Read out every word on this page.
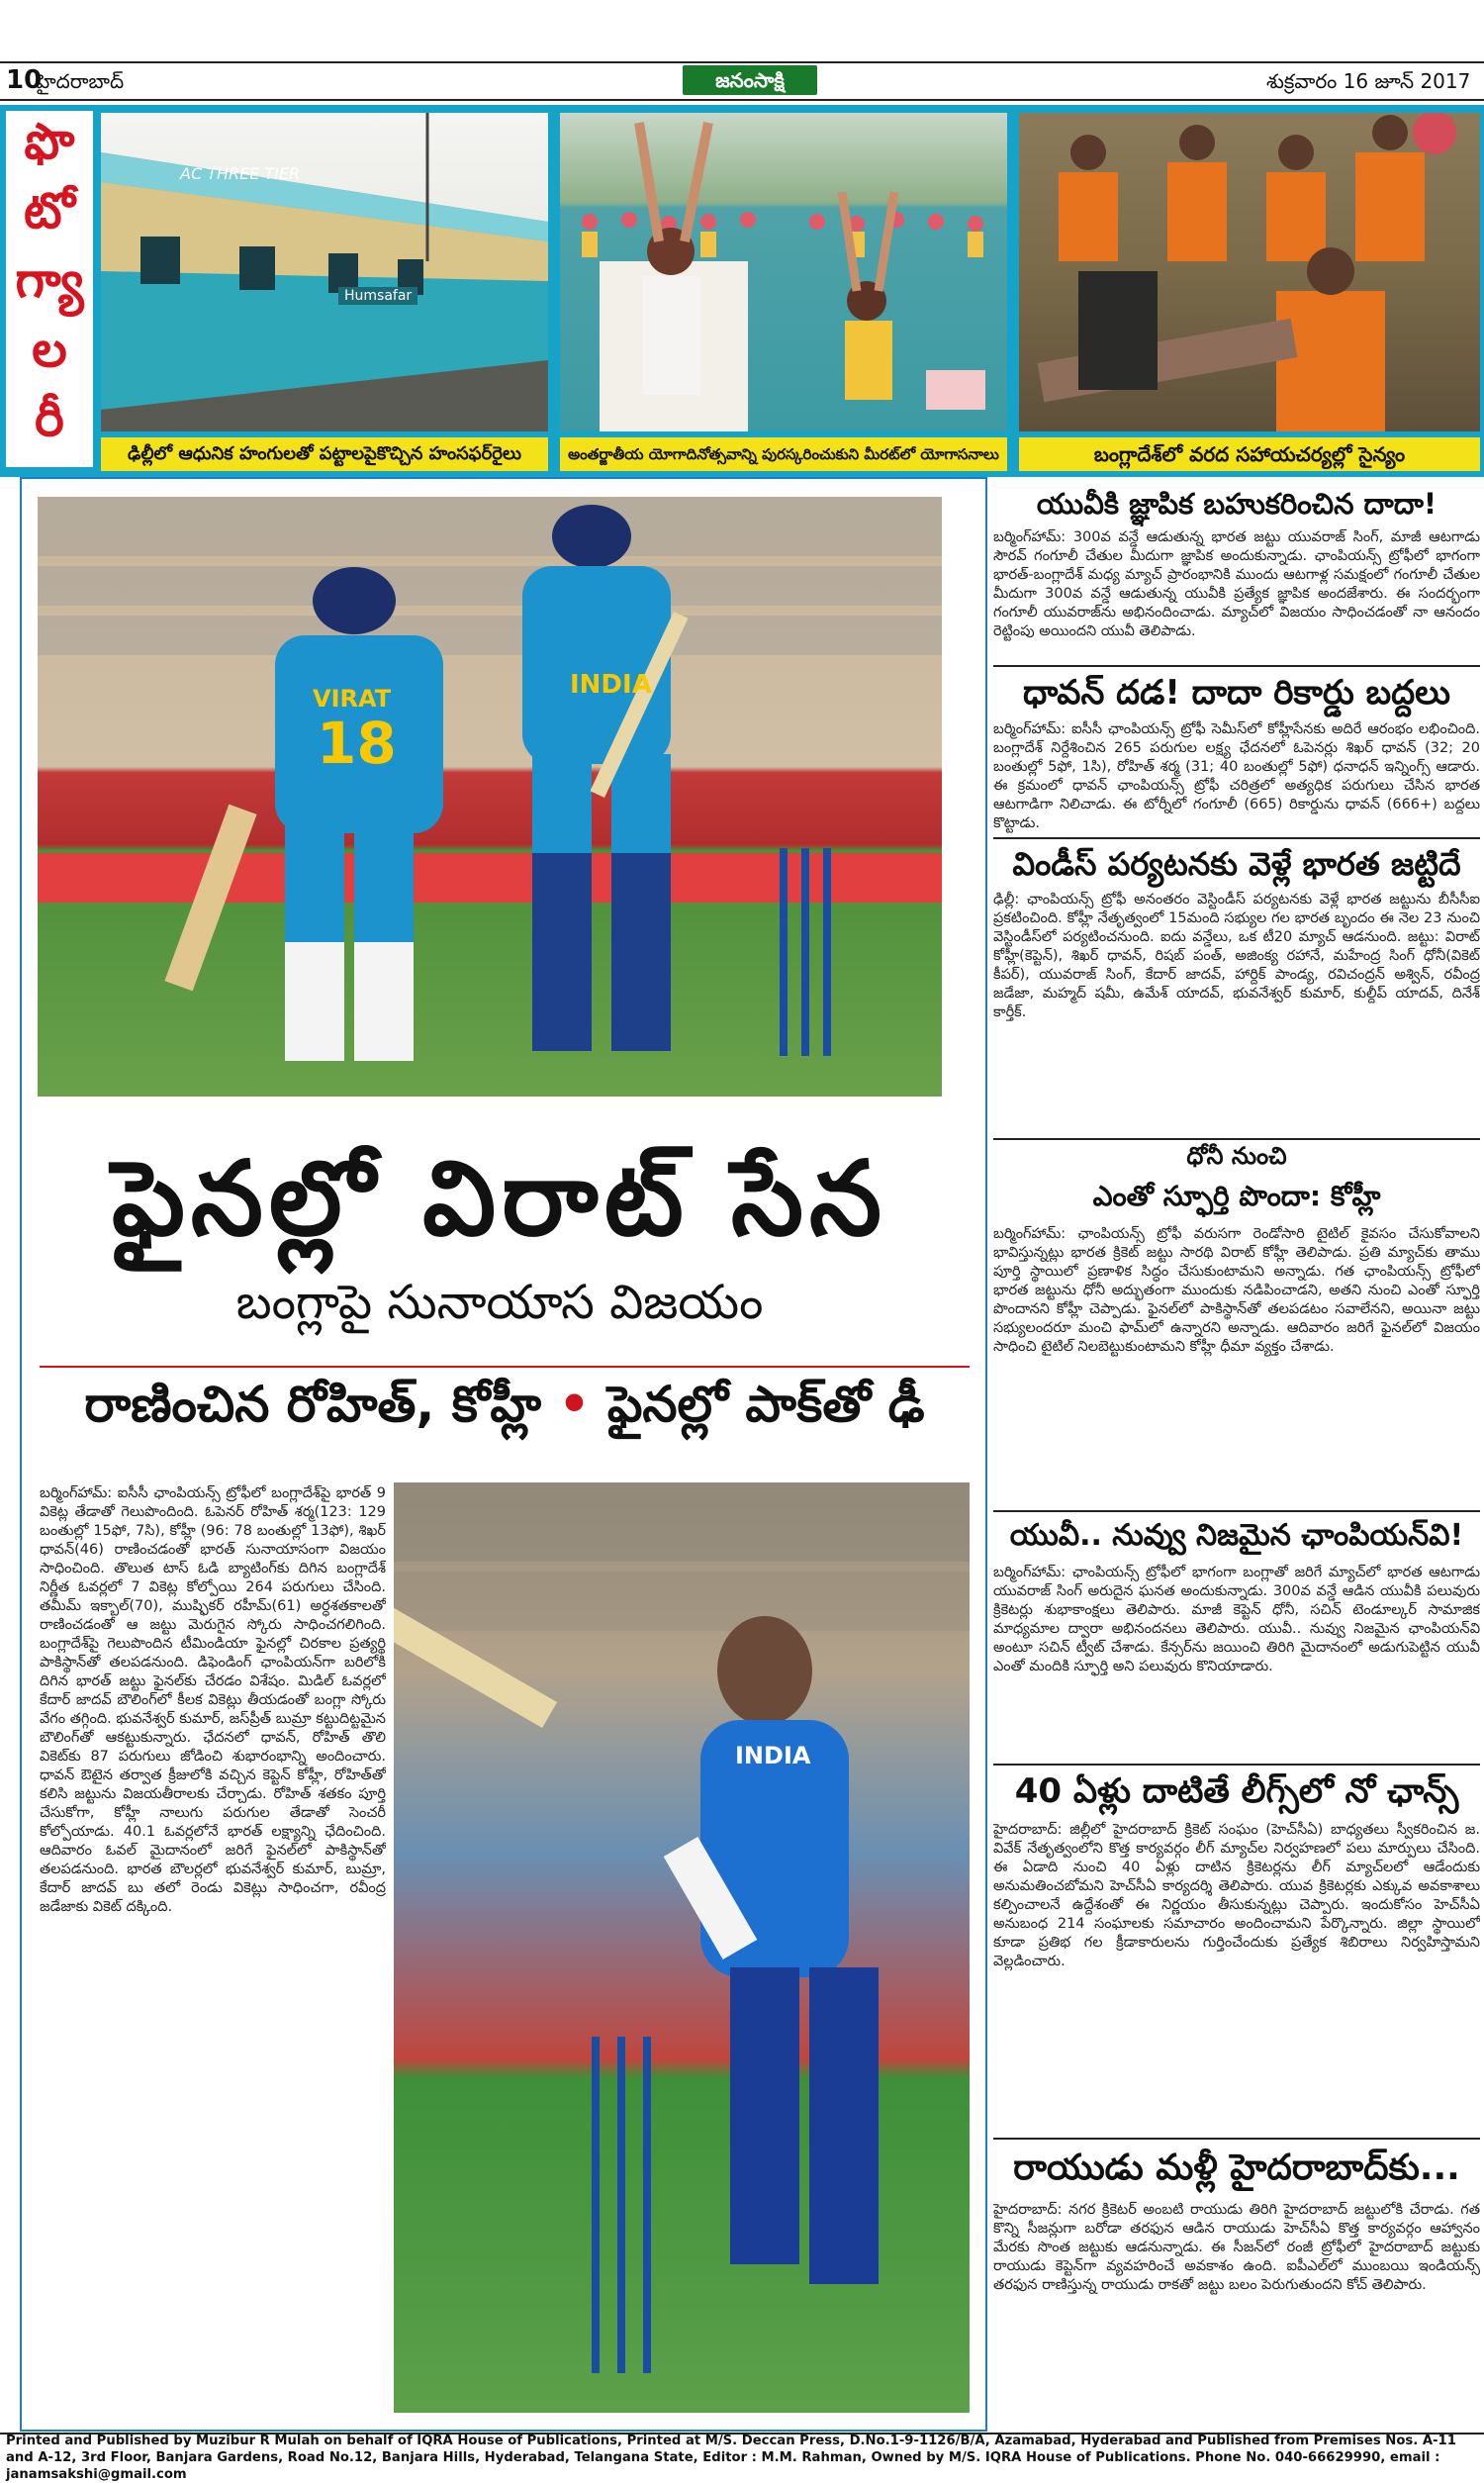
10
హైదరాబాద్	జనంసాక్షి	శుక్రవారం 16 జూన్ 2017
ఫొ
టో
గ్యా
ల
రీ
AC THREE TIER
Humsafar
ఢిల్లీలో ఆధునిక హంగులతో పట్టాలపైకొచ్చిన హంసఫర్‌రైలు	అంతర్జాతీయ యోగాదినోత్సవాన్ని పురస్కరించుకుని మీరట్‌లో యోగాసనాలు	బంగ్లాదేశ్‌లో వరద సహాయచర్యల్లో సైన్యం
VIRAT
18
INDIA
ఫైనల్లో విరాట్ సేన
బంగ్లాపై సునాయాస విజయం
రాణించిన రోహిత్, కోహ్లీ • ఫైనల్లో పాక్‌తో ఢీ
బర్మింగ్‌హామ్: ఐసీసీ ఛాంపియన్స్ ట్రోఫీలో బంగ్లాదేశ్‌పై భారత్ 9 వికెట్ల తేడాతో గెలుపొందింది. ఓపెనర్ రోహిత్ శర్మ(123: 129 బంతుల్లో 15ఫో, 7సి), కోహ్లీ (96: 78 బంతుల్లో 13ఫో), శిఖర్ ధావన్(46) రాణించడంతో భారత్ సునాయాసంగా విజయం సాధించింది. తొలుత టాస్ ఓడి బ్యాటింగ్‌కు దిగిన బంగ్లాదేశ్ నిర్ణీత ఓవర్లలో 7 వికెట్ల కోల్పోయి 264 పరుగులు చేసింది. తమీమ్ ఇక్బాల్(70), ముష్ఫికర్ రహీమ్(61) అర్ధశతకాలతో రాణించడంతో ఆ జట్టు మెరుగైన స్కోరు సాధించగలిగింది. బంగ్లాదేశ్‌పై గెలుపొందిన టీమిండియా ఫైనల్లో చిరకాల ప్రత్యర్థి పాకిస్థాన్‌తో తలపడనుంది. డిఫెండింగ్ ఛాంపియన్‌గా బరిలోకి దిగిన భారత్ జట్టు ఫైనల్‌కు చేరడం విశేషం. మిడిల్ ఓవర్లలో కేదార్ జాదవ్ బౌలింగ్‌లో కీలక వికెట్లు తీయడంతో బంగ్లా స్కోరు వేగం తగ్గింది. భువనేశ్వర్ కుమార్, జస్‌ప్రీత్ బుమ్రా కట్టుదిట్టమైన బౌలింగ్‌తో ఆకట్టుకున్నారు. ఛేదనలో ధావన్, రోహిత్ తొలి వికెట్‌కు 87 పరుగులు జోడించి శుభారంభాన్ని అందించారు. ధావన్ ఔటైన తర్వాత క్రీజులోకి వచ్చిన కెప్టెన్ కోహ్లీ, రోహిత్‌తో కలిసి జట్టును విజయతీరాలకు చేర్చాడు. రోహిత్ శతకం పూర్తి చేసుకోగా, కోహ్లీ నాలుగు పరుగుల తేడాతో సెంచరీ కోల్పోయాడు. 40.1 ఓవర్లలోనే భారత్ లక్ష్యాన్ని ఛేదించింది. ఆదివారం ఓవల్ మైదానంలో జరిగే ఫైనల్‌లో పాకిస్థాన్‌తో తలపడనుంది. భారత బౌలర్లలో భువనేశ్వర్ కుమార్, బుమ్రా, కేదార్ జాదవ్ బు తలో రెండు వికెట్లు సాధించగా, రవీంద్ర జడేజాకు వికెట్ దక్కింది.
INDIA
యువీకి జ్ఞాపిక బహుకరించిన దాదా!
బర్మింగ్‌హామ్: 300వ వన్డే ఆడుతున్న భారత జట్టు యువరాజ్ సింగ్, మాజీ ఆటగాడు సౌరవ్ గంగూలీ చేతుల మీదుగా జ్ఞాపిక అందుకున్నాడు. ఛాంపియన్స్ ట్రోఫీలో భాగంగా భారత్-బంగ్లాదేశ్ మధ్య మ్యాచ్ ప్రారంభానికి ముందు ఆటగాళ్ల సమక్షంలో గంగూలీ చేతుల మీదుగా 300వ వన్డే ఆడుతున్న యువీకి ప్రత్యేక జ్ఞాపిక అందజేశారు. ఈ సందర్భంగా గంగూలీ యువరాజ్‌ను అభినందించాడు. మ్యాచ్‌లో విజయం సాధించడంతో నా ఆనందం రెట్టింపు అయిందని యువీ తెలిపాడు.
ధావన్ దడ! దాదా రికార్డు బద్దలు
బర్మింగ్‌హామ్: ఐసీసీ ఛాంపియన్స్ ట్రోఫీ సెమీస్‌లో కోహ్లీసేనకు అదిరే ఆరంభం లభించింది. బంగ్లాదేశ్ నిర్దేశించిన 265 పరుగుల లక్ష్య ఛేదనలో ఓపెనర్లు శిఖర్ ధావన్ (32; 20 బంతుల్లో 5ఫో, 1సి), రోహిత్ శర్మ (31; 40 బంతుల్లో 5ఫో) ధనాధన్ ఇన్నింగ్స్ ఆడారు. ఈ క్రమంలో ధావన్ ఛాంపియన్స్ ట్రోఫీ చరిత్రలో అత్యధిక పరుగులు చేసిన భారత ఆటగాడిగా నిలిచాడు. ఈ టోర్నీలో గంగూలీ (665) రికార్డును ధావన్ (666+) బద్దలు కొట్టాడు.
విండీస్ పర్యటనకు వెళ్లే భారత జట్టిదే
ఢిల్లీ: ఛాంపియన్స్ ట్రోఫీ అనంతరం వెస్టిండీస్ పర్యటనకు వెళ్లే భారత జట్టును బీసీసీఐ ప్రకటించింది. కోహ్లీ నేతృత్వంలో 15మంది సభ్యుల గల భారత బృందం ఈ నెల 23 నుంచి వెస్టిండీస్‌లో పర్యటించనుంది. ఐదు వన్డేలు, ఒక టీ20 మ్యాచ్ ఆడనుంది. జట్టు: విరాట్ కోహ్లీ(కెప్టెన్), శిఖర్ ధావన్, రిషబ్ పంత్, అజింక్య రహానే, మహేంద్ర సింగ్ ధోనీ(వికెట్ కీపర్), యువరాజ్ సింగ్, కేదార్ జాదవ్, హార్దిక్ పాండ్య, రవిచంద్రన్ అశ్విన్, రవీంద్ర జడేజా, మహ్మద్ షమీ, ఉమేశ్ యాదవ్, భువనేశ్వర్ కుమార్, కుల్దీప్ యాదవ్, దినేశ్ కార్తీక్.
ధోనీ నుంచి
ఎంతో స్ఫూర్తి పొందా: కోహ్లీ
బర్మింగ్‌హామ్: ఛాంపియన్స్ ట్రోఫీ వరుసగా రెండోసారి టైటిల్ కైవసం చేసుకోవాలని భావిస్తున్నట్లు భారత క్రికెట్ జట్టు సారథి విరాట్ కోహ్లీ తెలిపాడు. ప్రతి మ్యాచ్‌కు తాము పూర్తి స్థాయిలో ప్రణాళిక సిద్ధం చేసుకుంటామని అన్నాడు. గత ఛాంపియన్స్ ట్రోఫీలో భారత జట్టును ధోనీ అద్భుతంగా ముందుకు నడిపించాడని, అతని నుంచి ఎంతో స్ఫూర్తి పొందానని కోహ్లీ చెప్పాడు. ఫైనల్‌లో పాకిస్థాన్‌తో తలపడటం సవాలేనని, అయినా జట్టు సభ్యులందరూ మంచి ఫామ్‌లో ఉన్నారని అన్నాడు. ఆదివారం జరిగే ఫైనల్‌లో విజయం సాధించి టైటిల్ నిలబెట్టుకుంటామని కోహ్లీ ధీమా వ్యక్తం చేశాడు.
యువీ.. నువ్వు నిజమైన ఛాంపియన్‌వి!
బర్మింగ్‌హామ్: ఛాంపియన్స్ ట్రోఫీలో భాగంగా బంగ్లాతో జరిగే మ్యాచ్‌లో భారత ఆటగాడు యువరాజ్ సింగ్ అరుదైన ఘనత అందుకున్నాడు. 300వ వన్డే ఆడిన యువీకి పలువురు క్రికెటర్లు శుభాకాంక్షలు తెలిపారు. మాజీ కెప్టెన్ ధోనీ, సచిన్ టెండూల్కర్ సామాజిక మాధ్యమాల ద్వారా అభినందనలు తెలిపారు. యువీ.. నువ్వు నిజమైన ఛాంపియన్‌వి అంటూ సచిన్ ట్వీట్ చేశాడు. కేన్సర్‌ను జయించి తిరిగి మైదానంలో అడుగుపెట్టిన యువీ ఎంతో మందికి స్ఫూర్తి అని పలువురు కొనియాడారు.
40 ఏళ్లు దాటితే లీగ్స్‌లో నో ఛాన్స్
హైదరాబాద్: జిల్లీలో హైదరాబాద్ క్రికెట్ సంఘం (హెచ్‌సీఏ) బాధ్యతలు స్వీకరించిన జ. వివేక్ నేతృత్వంలోని కొత్త కార్యవర్గం లీగ్ మ్యాచ్‌ల నిర్వహణలో పలు మార్పులు చేసింది. ఈ ఏడాది నుంచి 40 ఏళ్లు దాటిన క్రికెటర్లను లీగ్ మ్యాచ్‌లలో ఆడేందుకు అనుమతించబోమని హెచ్‌సీఏ కార్యదర్శి తెలిపారు. యువ క్రికెటర్లకు ఎక్కువ అవకాశాలు కల్పించాలనే ఉద్దేశంతో ఈ నిర్ణయం తీసుకున్నట్లు చెప్పారు. ఇందుకోసం హెచ్‌సీఏ అనుబంధ 214 సంఘాలకు సమాచారం అందించామని పేర్కొన్నారు. జిల్లా స్థాయిలో కూడా ప్రతిభ గల క్రీడాకారులను గుర్తించేందుకు ప్రత్యేక శిబిరాలు నిర్వహిస్తామని వెల్లడించారు.
రాయుడు మళ్లీ హైదరాబాద్‌కు...
హైదరాబాద్: నగర క్రికెటర్ అంబటి రాయుడు తిరిగి హైదరాబాద్ జట్టులోకి చేరాడు. గత కొన్ని సీజన్లుగా బరోడా తరఫున ఆడిన రాయుడు హెచ్‌సీఏ కొత్త కార్యవర్గం ఆహ్వానం మేరకు సొంత జట్టుకు ఆడనున్నాడు. ఈ సీజన్‌లో రంజీ ట్రోఫీలో హైదరాబాద్ జట్టుకు రాయుడు కెప్టెన్‌గా వ్యవహరించే అవకాశం ఉంది. ఐపీఎల్‌లో ముంబయి ఇండియన్స్ తరఫున రాణిస్తున్న రాయుడు రాకతో జట్టు బలం పెరుగుతుందని కోచ్ తెలిపారు.
Printed and Published by Muzibur R Mulah on behalf of IQRA House of Publications, Printed at M/S. Deccan Press, D.No.1-9-1126/B/A, Azamabad, Hyderabad and Published from Premises Nos. A-11 and A-12, 3rd Floor, Banjara Gardens, Road No.12, Banjara Hills, Hyderabad, Telangana State, Editor : M.M. Rahman, Owned by M/S. IQRA House of Publications. Phone No. 040-66629990, email : janamsakshi@gmail.com
